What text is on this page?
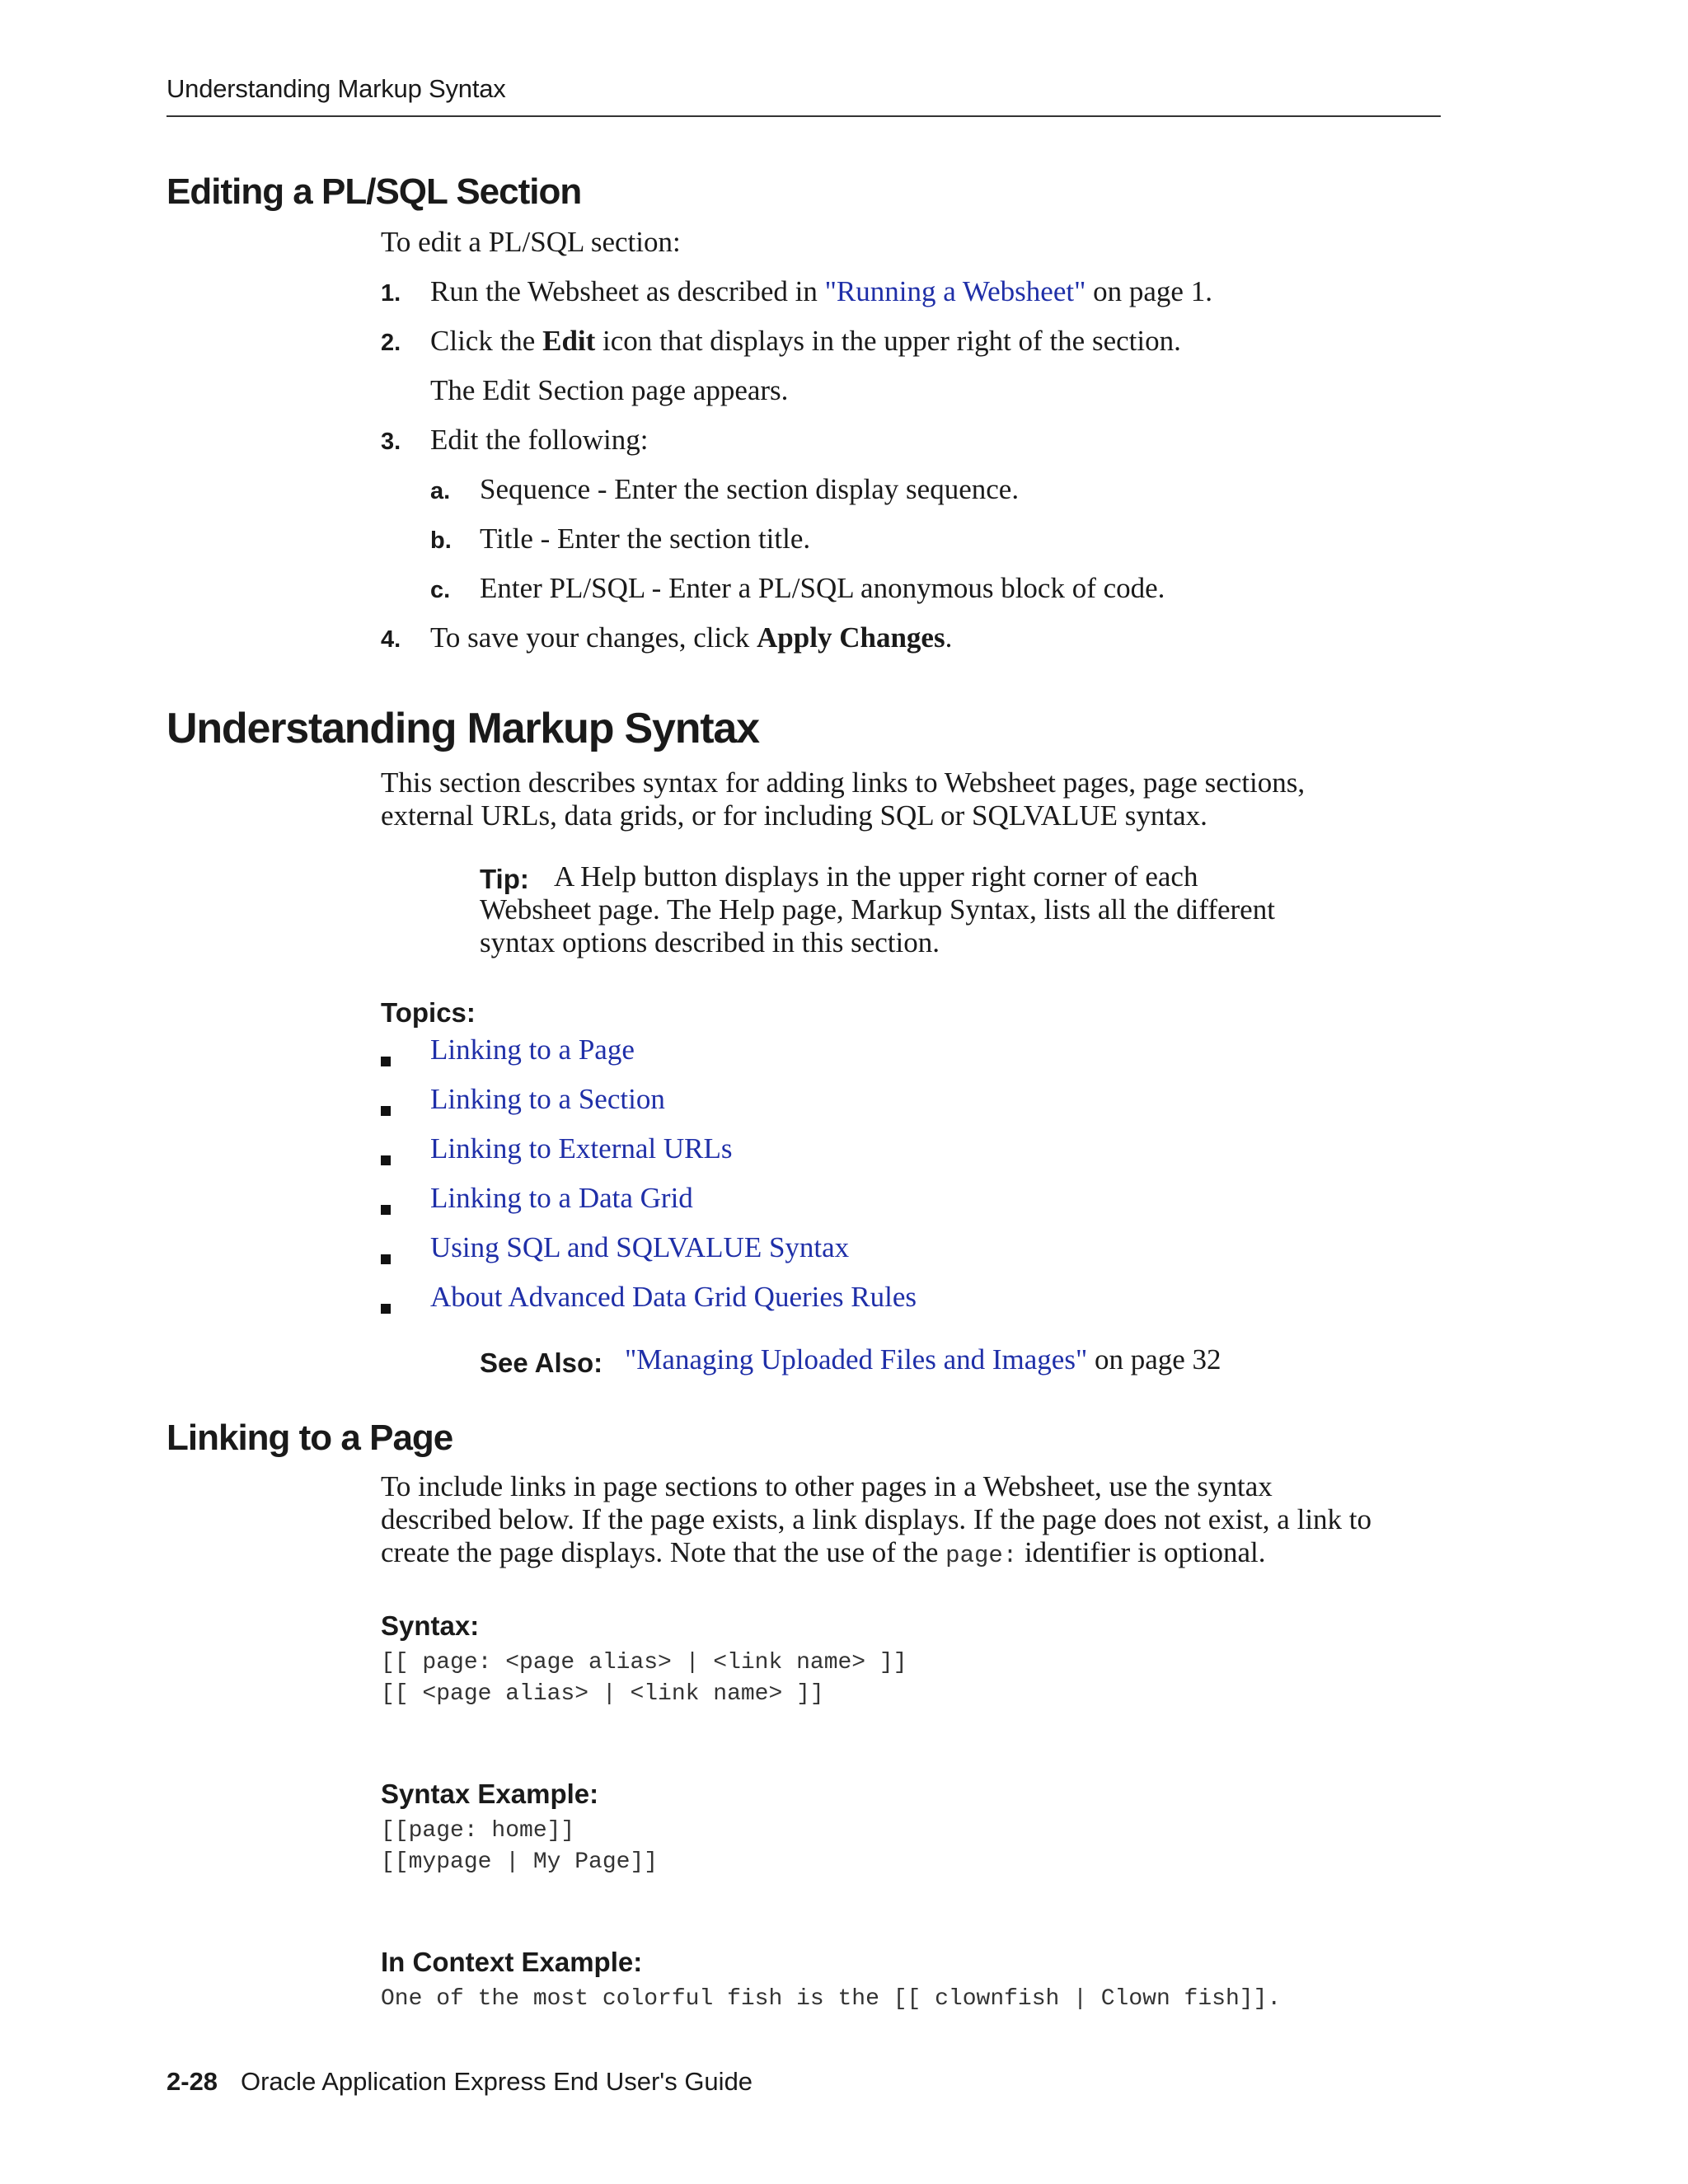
Understanding Markup Syntax
Editing a PL/SQL Section
To edit a PL/SQL section:
1. Run the Websheet as described in "Running a Websheet" on page 1.
2. Click the Edit icon that displays in the upper right of the section.
The Edit Section page appears.
3. Edit the following:
a. Sequence - Enter the section display sequence.
b. Title - Enter the section title.
c. Enter PL/SQL - Enter a PL/SQL anonymous block of code.
4. To save your changes, click Apply Changes.
Understanding Markup Syntax
This section describes syntax for adding links to Websheet pages, page sections,
external URLs, data grids, or for including SQL or SQLVALUE syntax.
Tip: A Help button displays in the upper right corner of each
Websheet page. The Help page, Markup Syntax, lists all the different
syntax options described in this section.
Topics:
Linking to a Page
Linking to a Section
Linking to External URLs
Linking to a Data Grid
Using SQL and SQLVALUE Syntax
About Advanced Data Grid Queries Rules
See Also: "Managing Uploaded Files and Images" on page 32
Linking to a Page
To include links in page sections to other pages in a Websheet, use the syntax
described below. If the page exists, a link displays. If the page does not exist, a link to
create the page displays. Note that the use of the page: identifier is optional.
Syntax:
[[ page: <page alias> | <link name> ]]
[[ <page alias> | <link name> ]]
Syntax Example:
[[page: home]]
[[mypage | My Page]]
In Context Example:
One of the most colorful fish is the [[ clownfish | Clown fish]].
2-28 Oracle Application Express End User's Guide
